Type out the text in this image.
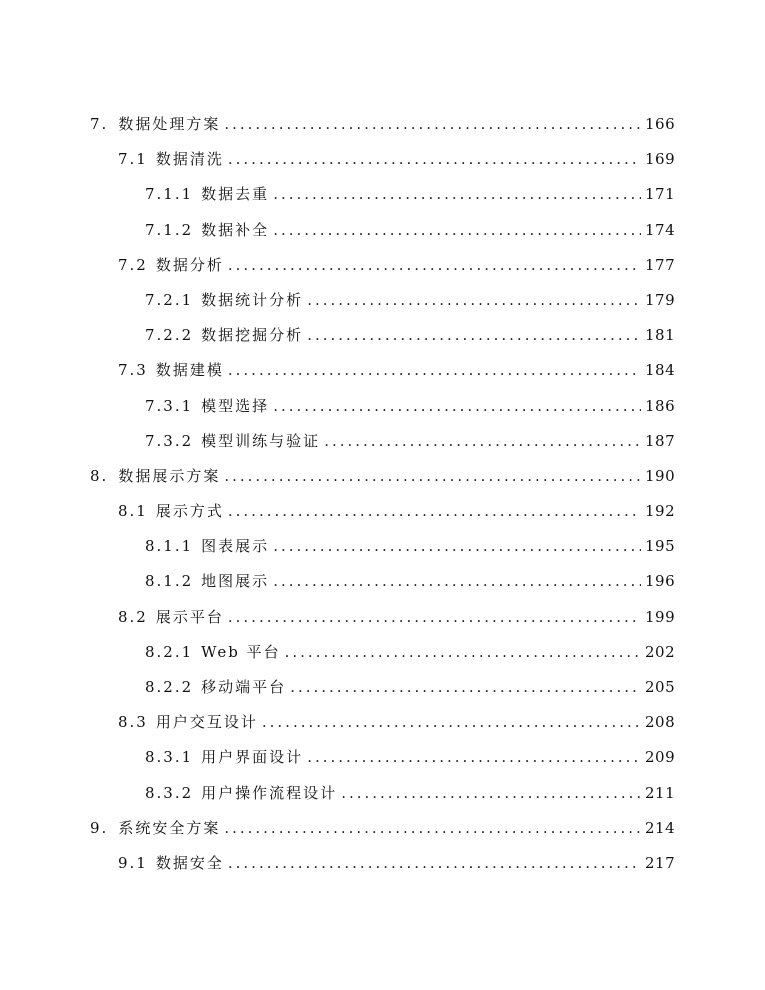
7. 数据处理方案 .....	166
7.1 数据清洗 .....	169
7.1.1 数据去重 .....	171
7.1.2 数据补全 .....	174
7.2 数据分析 .....	177
7.2.1 数据统计分析 .....	179
7.2.2 数据挖掘分析 .....	181
7.3 数据建模 .....	184
7.3.1 模型选择 .....	186
7.3.2 模型训练与验证 .....	187
8. 数据展示方案 .....	190
8.1 展示方式 .....	192
8.1.1 图表展示 .....	195
8.1.2 地图展示 .....	196
8.2 展示平台 .....	199
8.2.1 Web 平台 .....	202
8.2.2 移动端平台 .....	205
8.3 用户交互设计 .....	208
8.3.1 用户界面设计 .....	209
8.3.2 用户操作流程设计 .....	211
9. 系统安全方案 .....	214
9.1 数据安全 .....	217
